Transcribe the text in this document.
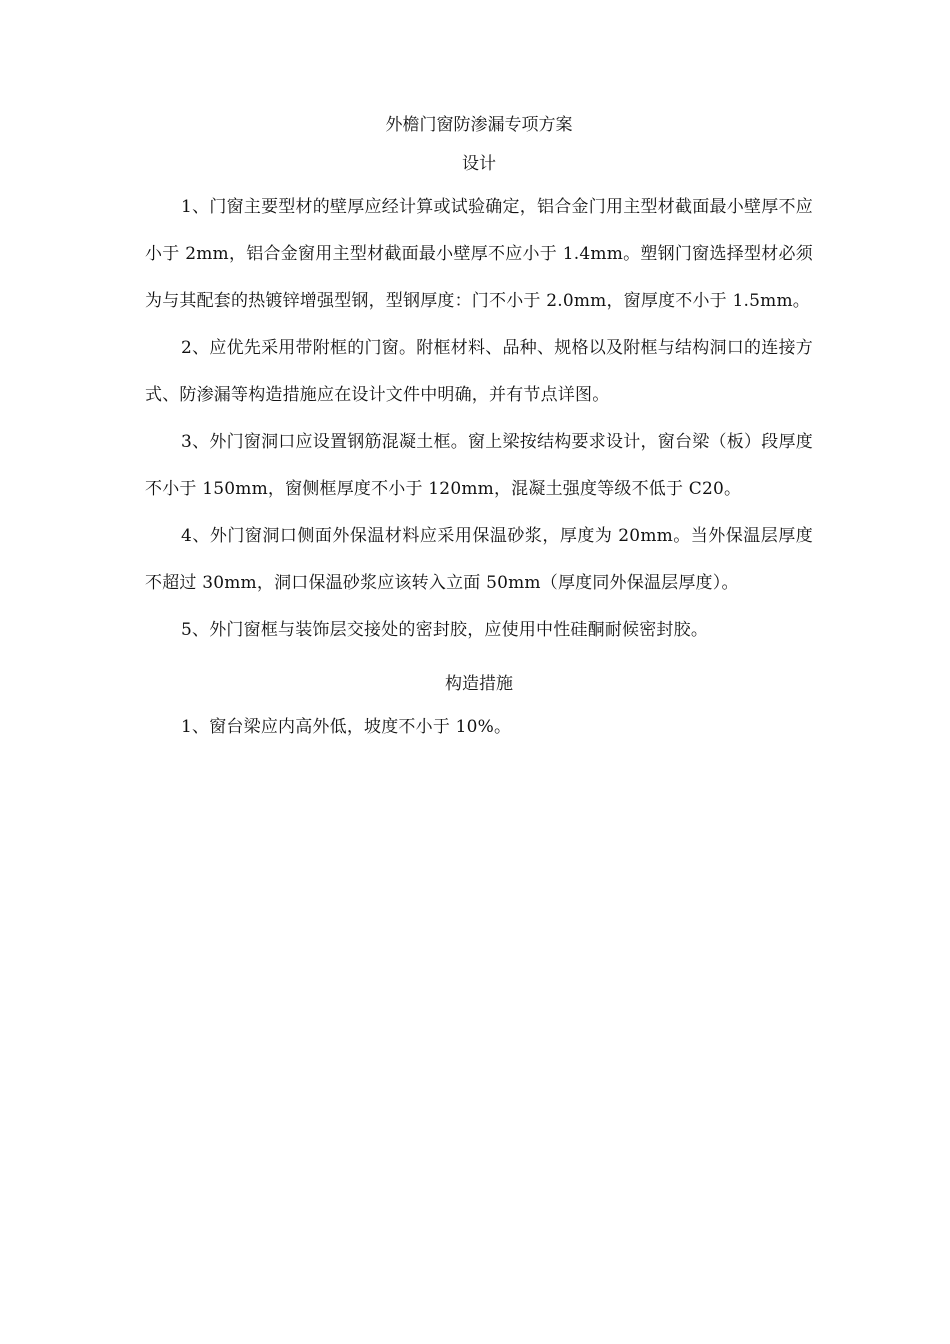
外檐门窗防渗漏专项方案
设计

1、门窗主要型材的壁厚应经计算或试验确定，铝合金门用主型材截面最小壁厚不应小于 2mm，铝合金窗用主型材截面最小壁厚不应小于 1.4mm。塑钢门窗选择型材必须为与其配套的热镀锌增强型钢，型钢厚度：门不小于 2.0mm，窗厚度不小于 1.5mm。

2、应优先采用带附框的门窗。附框材料、品种、规格以及附框与结构洞口的连接方式、防渗漏等构造措施应在设计文件中明确，并有节点详图。

3、外门窗洞口应设置钢筋混凝土框。窗上梁按结构要求设计，窗台梁（板）段厚度不小于 150mm，窗侧框厚度不小于 120mm，混凝土强度等级不低于 C20。

4、外门窗洞口侧面外保温材料应采用保温砂浆，厚度为 20mm。当外保温层厚度不超过 30mm，洞口保温砂浆应该转入立面 50mm（厚度同外保温层厚度）。

5、外门窗框与装饰层交接处的密封胶，应使用中性硅酮耐候密封胶。

构造措施

1、窗台梁应内高外低，坡度不小于 10%。
